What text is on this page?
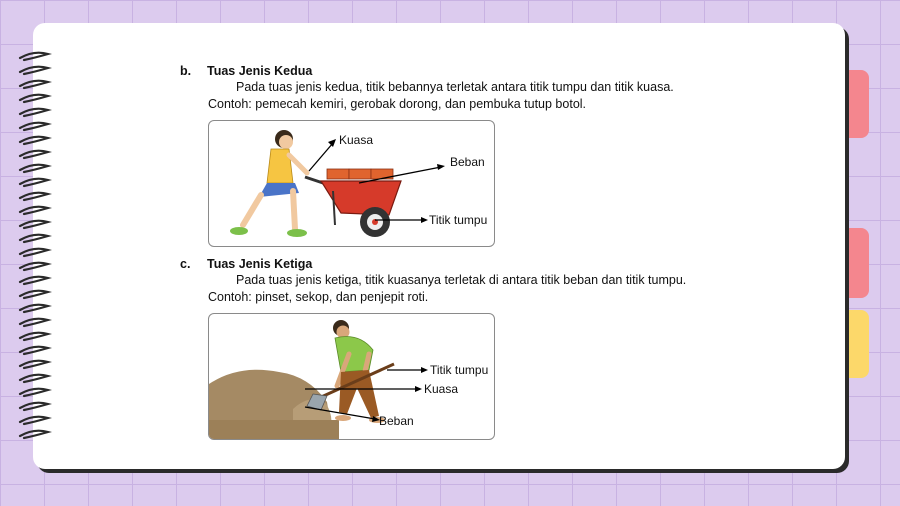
b. Tuas Jenis Kedua
Pada tuas jenis kedua, titik bebannya terletak antara titik tumpu dan titik kuasa.
Contoh: pemecah kemiri, gerobak dorong, dan pembuka tutup botol.
Kuasa
Beban
Titik tumpu
c. Tuas Jenis Ketiga
Pada tuas jenis ketiga, titik kuasanya terletak di antara titik beban dan titik tumpu.
Contoh: pinset, sekop, dan penjepit roti.
Titik tumpu
Kuasa
Beban
